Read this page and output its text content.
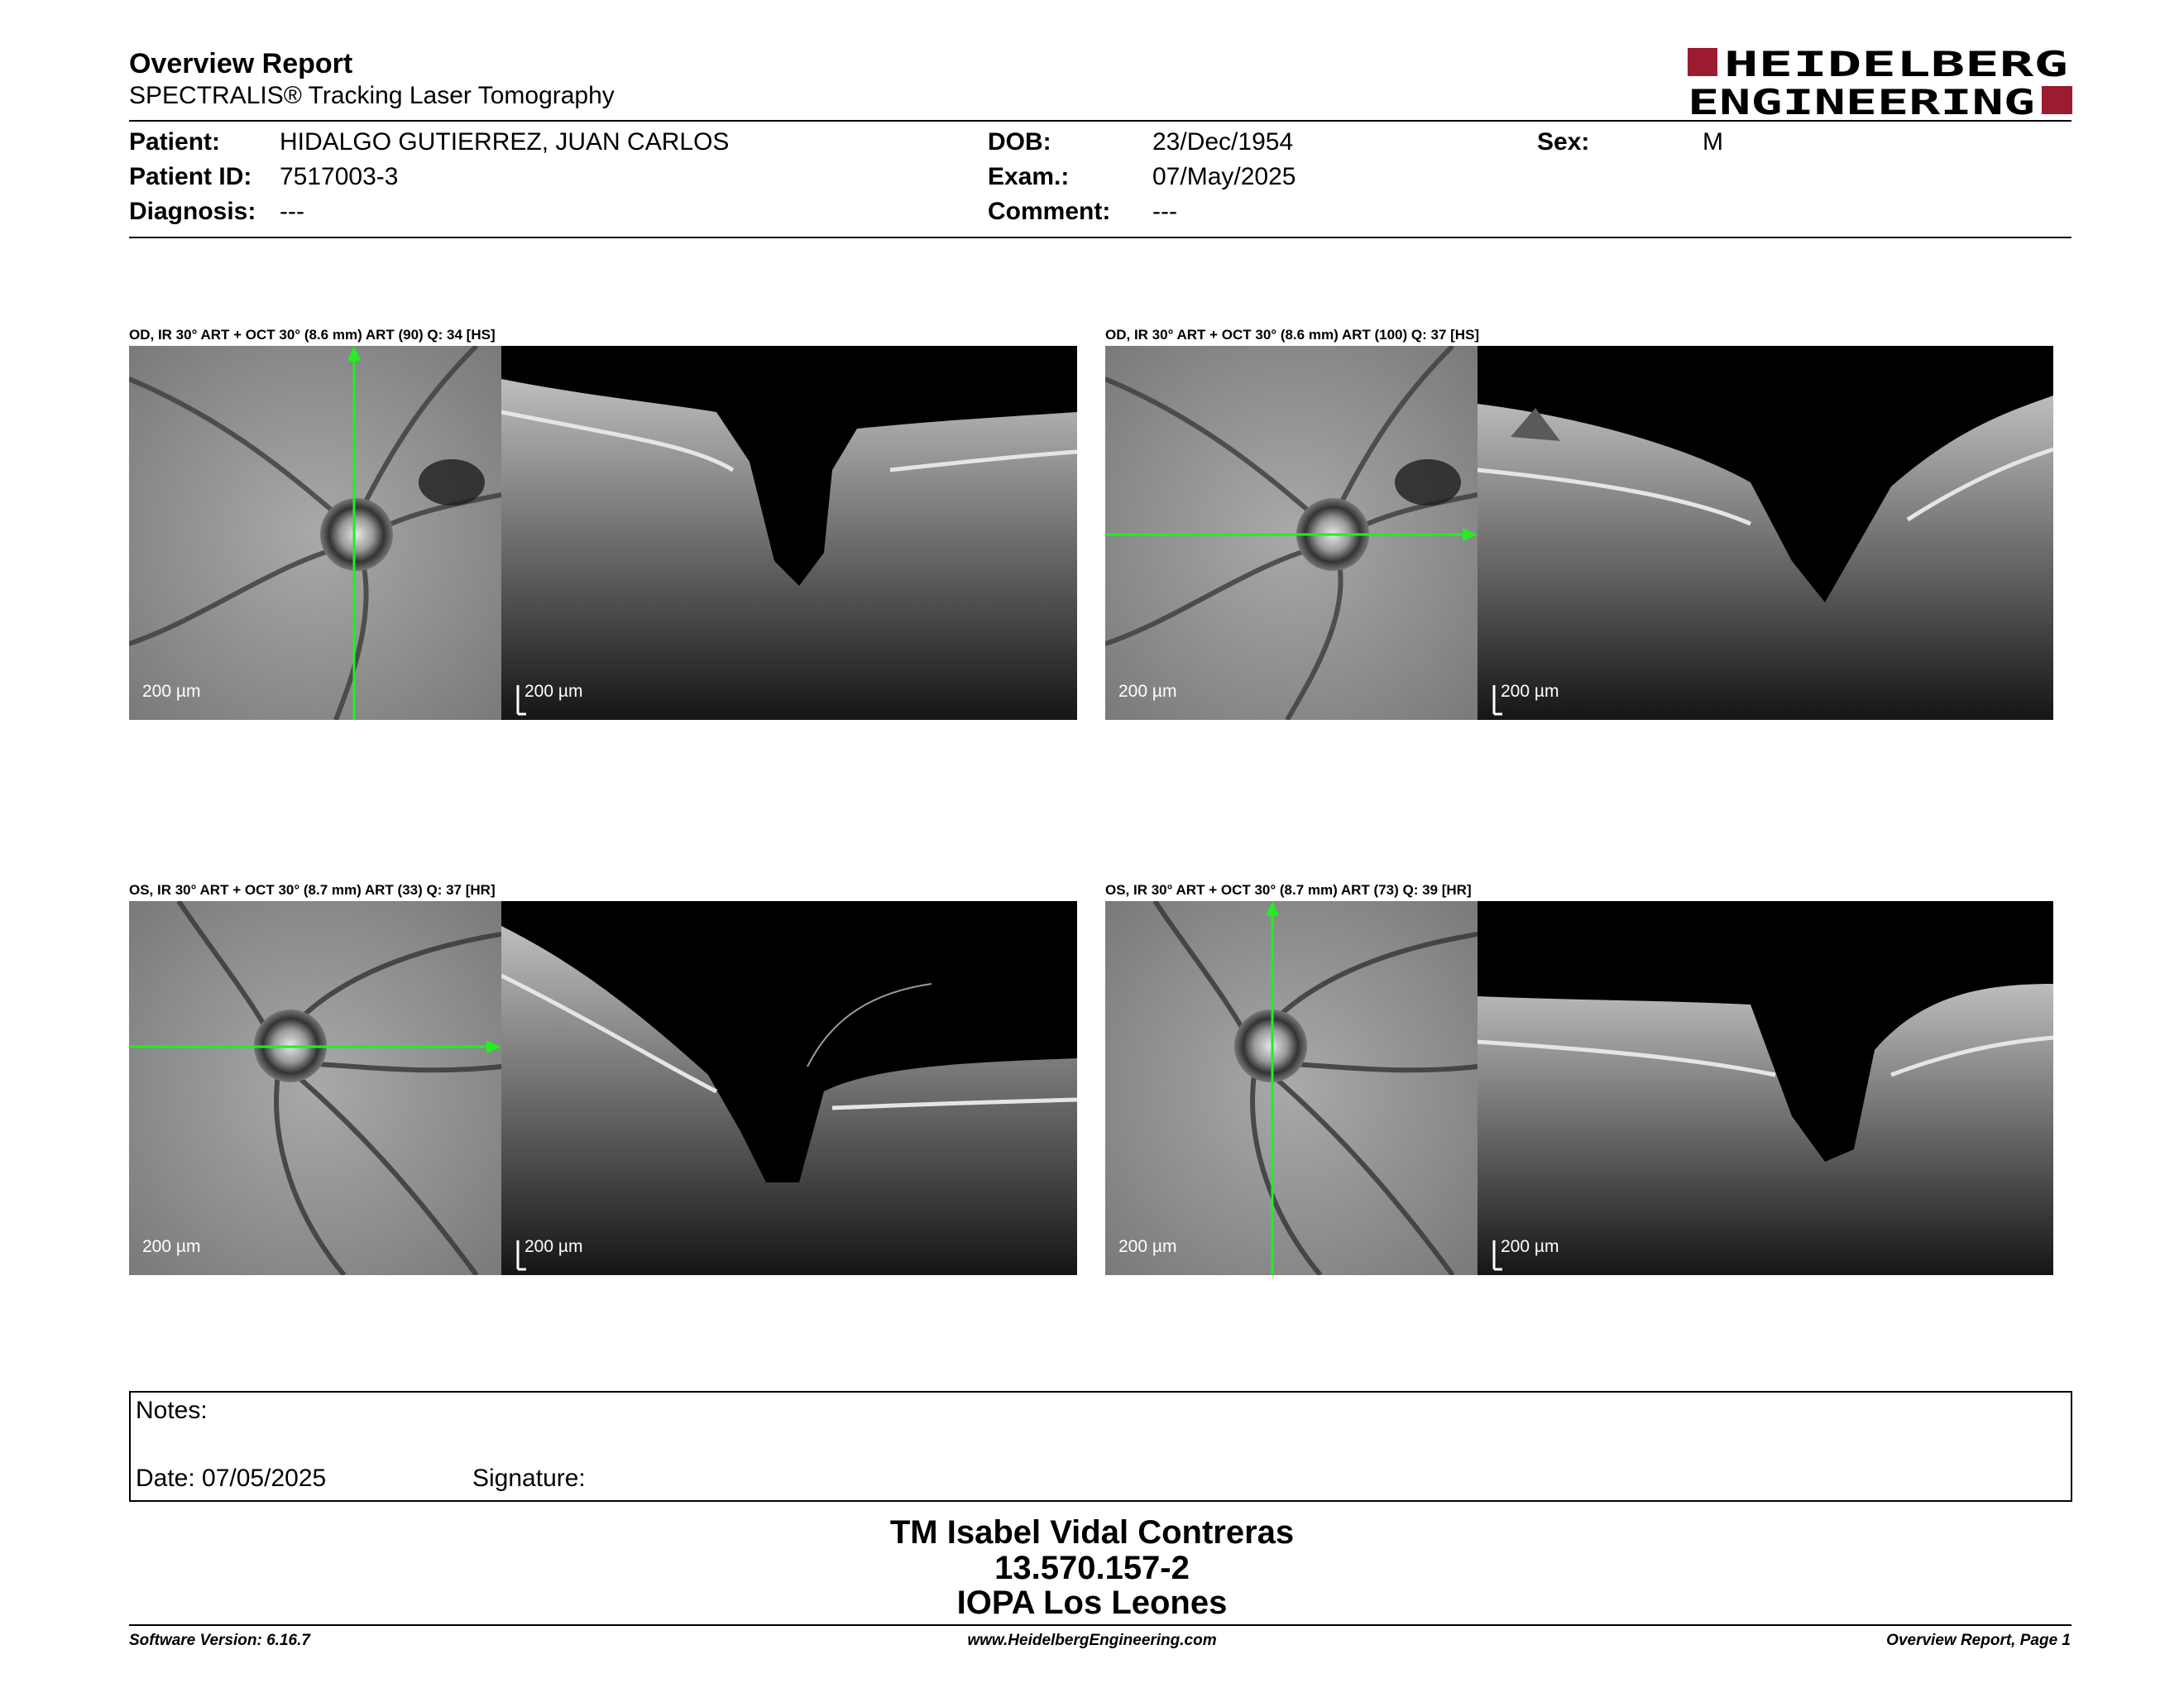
Overview Report
SPECTRALIS® Tracking Laser Tomography
HEIDELBERG
ENGINEERING
Patient: HIDALGO GUTIERREZ, JUAN CARLOS
Patient ID: 7517003-3
Diagnosis: ---
DOB:	23/Dec/1954
Exam.:	07/May/2025
Comment: ---
Sex:	M
OD, IR 30° ART + OCT 30° (8.6 mm) ART (90) Q: 34 [HS]
200 µm	200 µm
OD, IR 30° ART + OCT 30° (8.6 mm) ART (100) Q: 37 [HS]
200 µm	200 µm
OS, IR 30° ART + OCT 30° (8.7 mm) ART (33) Q: 37 [HR]
200 µm	200 µm
OS, IR 30° ART + OCT 30° (8.7 mm) ART (73) Q: 39 [HR]
200 µm	200 µm
Notes:
Date: 07/05/2025	Signature:
TM Isabel Vidal Contreras
13.570.157-2
IOPA Los Leones
Software Version: 6.16.7	www.HeidelbergEngineering.com	Overview Report, Page 1
